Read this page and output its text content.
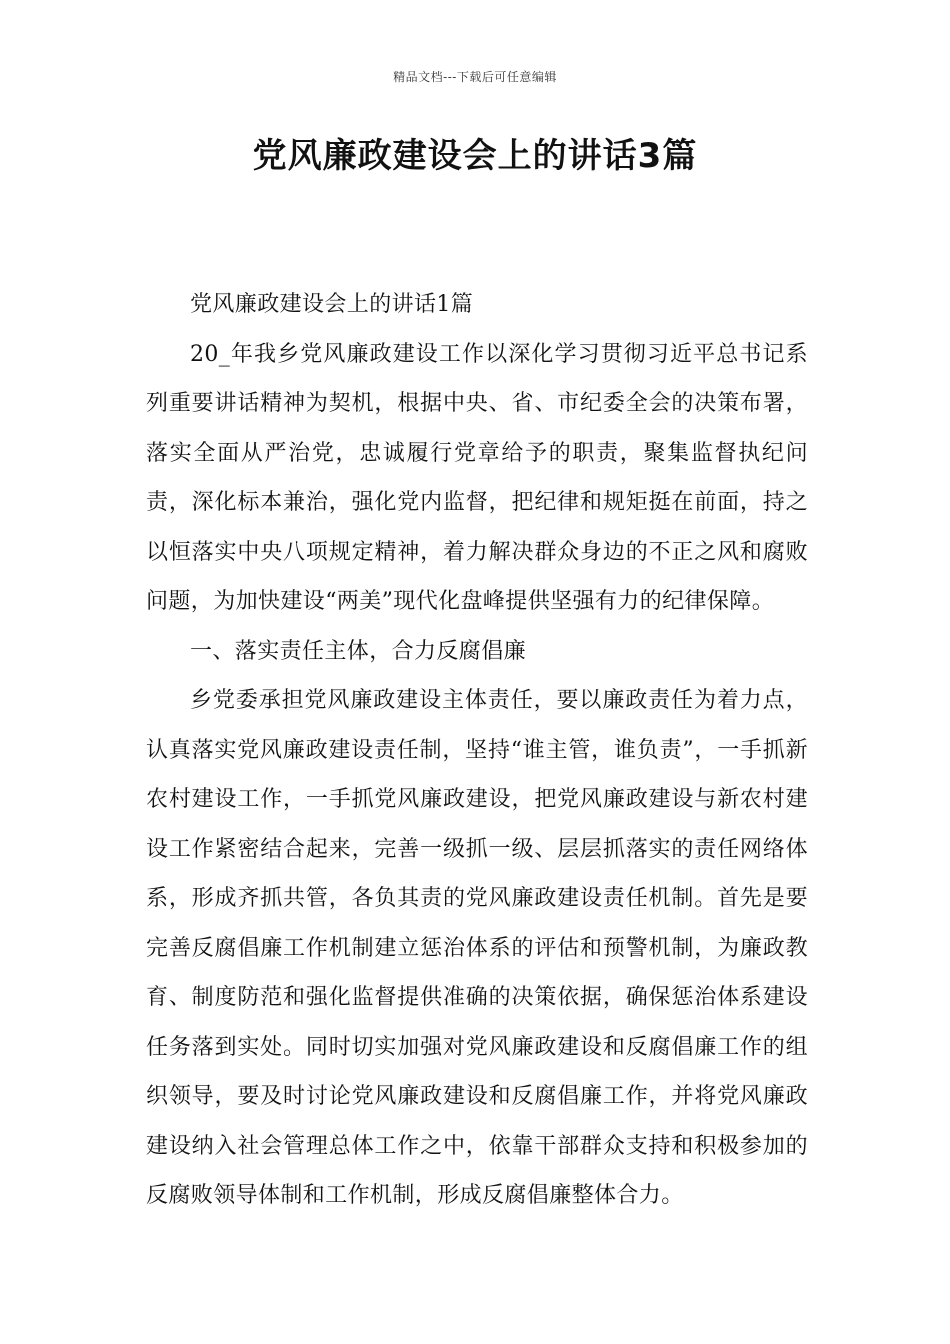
精品文档---下载后可任意编辑
党风廉政建设会上的讲话3篇

党风廉政建设会上的讲话1篇

20_年我乡党风廉政建设工作以深化学习贯彻习近平总书记系列重要讲话精神为契机，根据中央、省、市纪委全会的决策布署，落实全面从严治党，忠诚履行党章给予的职责，聚集监督执纪问责，深化标本兼治，强化党内监督，把纪律和规矩挺在前面，持之以恒落实中央八项规定精神，着力解决群众身边的不正之风和腐败问题，为加快建设“两美”现代化盘峰提供坚强有力的纪律保障。

一、落实责任主体，合力反腐倡廉

乡党委承担党风廉政建设主体责任，要以廉政责任为着力点，认真落实党风廉政建设责任制，坚持“谁主管，谁负责”，一手抓新农村建设工作，一手抓党风廉政建设，把党风廉政建设与新农村建设工作紧密结合起来，完善一级抓一级、层层抓落实的责任网络体系，形成齐抓共管，各负其责的党风廉政建设责任机制。首先是要完善反腐倡廉工作机制建立惩治体系的评估和预警机制，为廉政教育、制度防范和强化监督提供准确的决策依据，确保惩治体系建设任务落到实处。同时切实加强对党风廉政建设和反腐倡廉工作的组织领导，要及时讨论党风廉政建设和反腐倡廉工作，并将党风廉政建设纳入社会管理总体工作之中，依靠干部群众支持和积极参加的反腐败领导体制和工作机制，形成反腐倡廉整体合力。
